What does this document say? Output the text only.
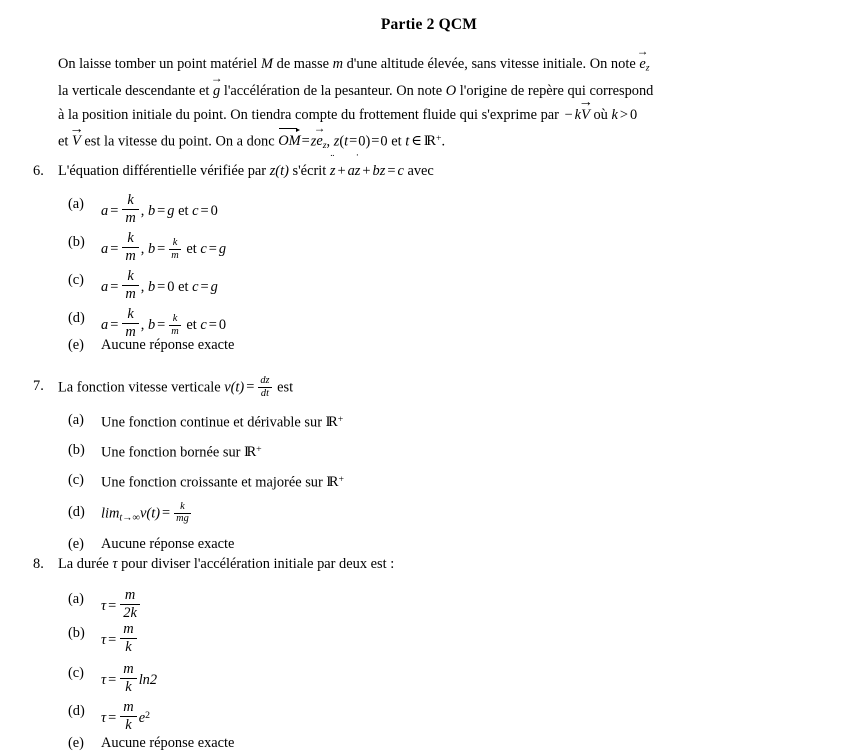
Partie 2 QCM
On laisse tomber un point matériel M de masse m d'une altitude élevée, sans vitesse initiale. On note
→
$e_z$
la verticale descendante et
→
g l'accélération de la pesanteur. On note O l'origine de repère qui correspond
à la position initiale du point. On tiendra compte du frottement fluide qui s'exprime par − k
→
V où k > 0
et
→
V est la vitesse du point. On a donc
OM=z
→
$e_z$, z(t=0)=0 et t ∈ IR +.
6. L'équation différentielle vérifiée par z(t) s'écrit
¨
z + a
˙
z + bz = c avec
(a) $a = \frac{k}{m}$ , b = g et c = 0
(b) $a = \frac{k}{m}$ , $b = \frac{k}{m}$ et c = g
(c) $a = \frac{k}{m}$ , b = 0 et c = g
(d) $a = \frac{k}{m}$ , $b = \frac{k}{m}$ et c = 0
(e) Aucune réponse exacte
7. La fonction vitesse verticale $v(t) = \frac{dz}{dt}$ est
(a) Une fonction continue et dérivable sur IR +
(b) Une fonction bornée sur IR +
(c) Une fonction croissante et majorée sur IR +
(d) $\lim_{t\to\infty}v(t) = \frac{k}{mg}$
(e) Aucune réponse exacte
8. La durée τ pour diviser l'accélération initiale par deux est :
(a) $\tau = \frac{m}{2k}$
(b) $\tau = \frac{m}{k}$
(c) $\tau = \frac{m}{k} \ln 2$
(d) $\tau = \frac{m}{k} e^2$
(e) Aucune réponse exacte
